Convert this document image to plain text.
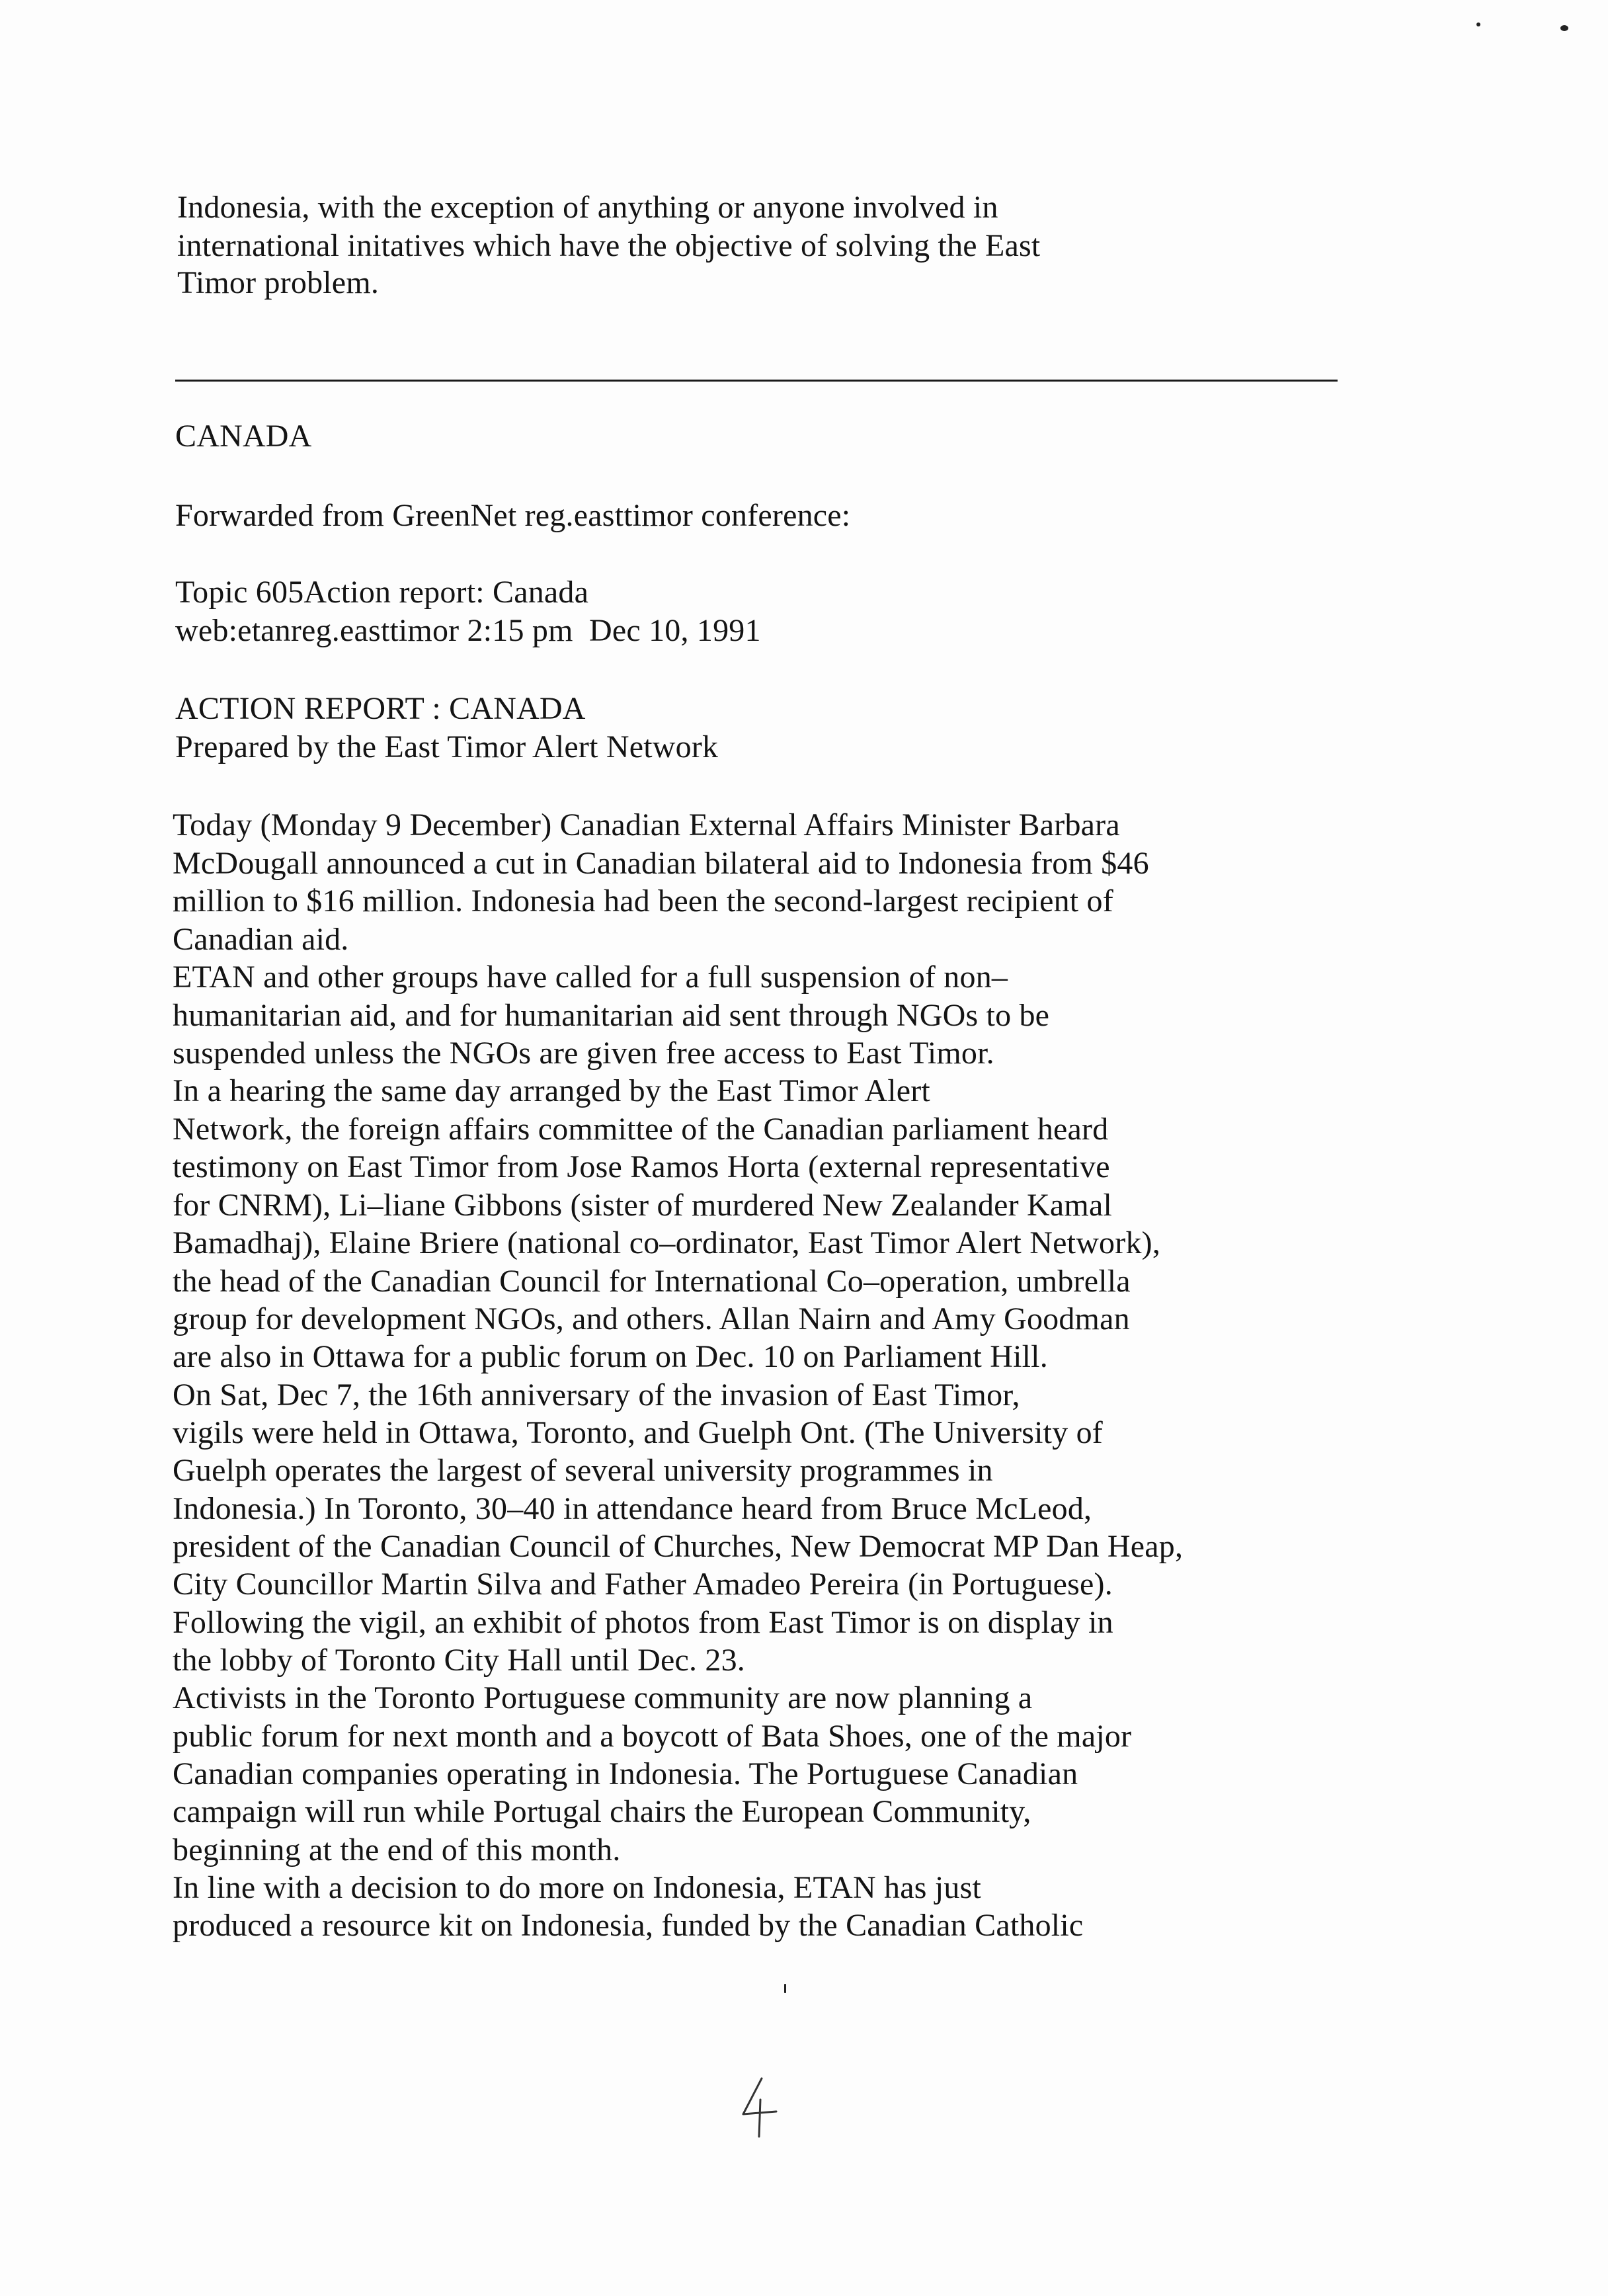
Indonesia, with the exception of anything or anyone involved in
international initatives which have the objective of solving the East
Timor problem.
CANADA
Forwarded from GreenNet reg.easttimor conference:
Topic 605Action report: Canada
web:etanreg.easttimor 2:15 pm  Dec 10, 1991
ACTION REPORT : CANADA
Prepared by the East Timor Alert Network
Today (Monday 9 December) Canadian External Affairs Minister Barbara
McDougall announced a cut in Canadian bilateral aid to Indonesia from $46
million to $16 million. Indonesia had been the second-largest recipient of
Canadian aid.
ETAN and other groups have called for a full suspension of non–
humanitarian aid, and for humanitarian aid sent through NGOs to be
suspended unless the NGOs are given free access to East Timor.
In a hearing the same day arranged by the East Timor Alert
Network, the foreign affairs committee of the Canadian parliament heard
testimony on East Timor from Jose Ramos Horta (external representative
for CNRM), Li–liane Gibbons (sister of murdered New Zealander Kamal
Bamadhaj), Elaine Briere (national co–ordinator, East Timor Alert Network),
the head of the Canadian Council for International Co–operation, umbrella
group for development NGOs, and others. Allan Nairn and Amy Goodman
are also in Ottawa for a public forum on Dec. 10 on Parliament Hill.
On Sat, Dec 7, the 16th anniversary of the invasion of East Timor,
vigils were held in Ottawa, Toronto, and Guelph Ont. (The University of
Guelph operates the largest of several university programmes in
Indonesia.) In Toronto, 30–40 in attendance heard from Bruce McLeod,
president of the Canadian Council of Churches, New Democrat MP Dan Heap,
City Councillor Martin Silva and Father Amadeo Pereira (in Portuguese).
Following the vigil, an exhibit of photos from East Timor is on display in
the lobby of Toronto City Hall until Dec. 23.
Activists in the Toronto Portuguese community are now planning a
public forum for next month and a boycott of Bata Shoes, one of the major
Canadian companies operating in Indonesia. The Portuguese Canadian
campaign will run while Portugal chairs the European Community,
beginning at the end of this month.
In line with a decision to do more on Indonesia, ETAN has just
produced a resource kit on Indonesia, funded by the Canadian Catholic
